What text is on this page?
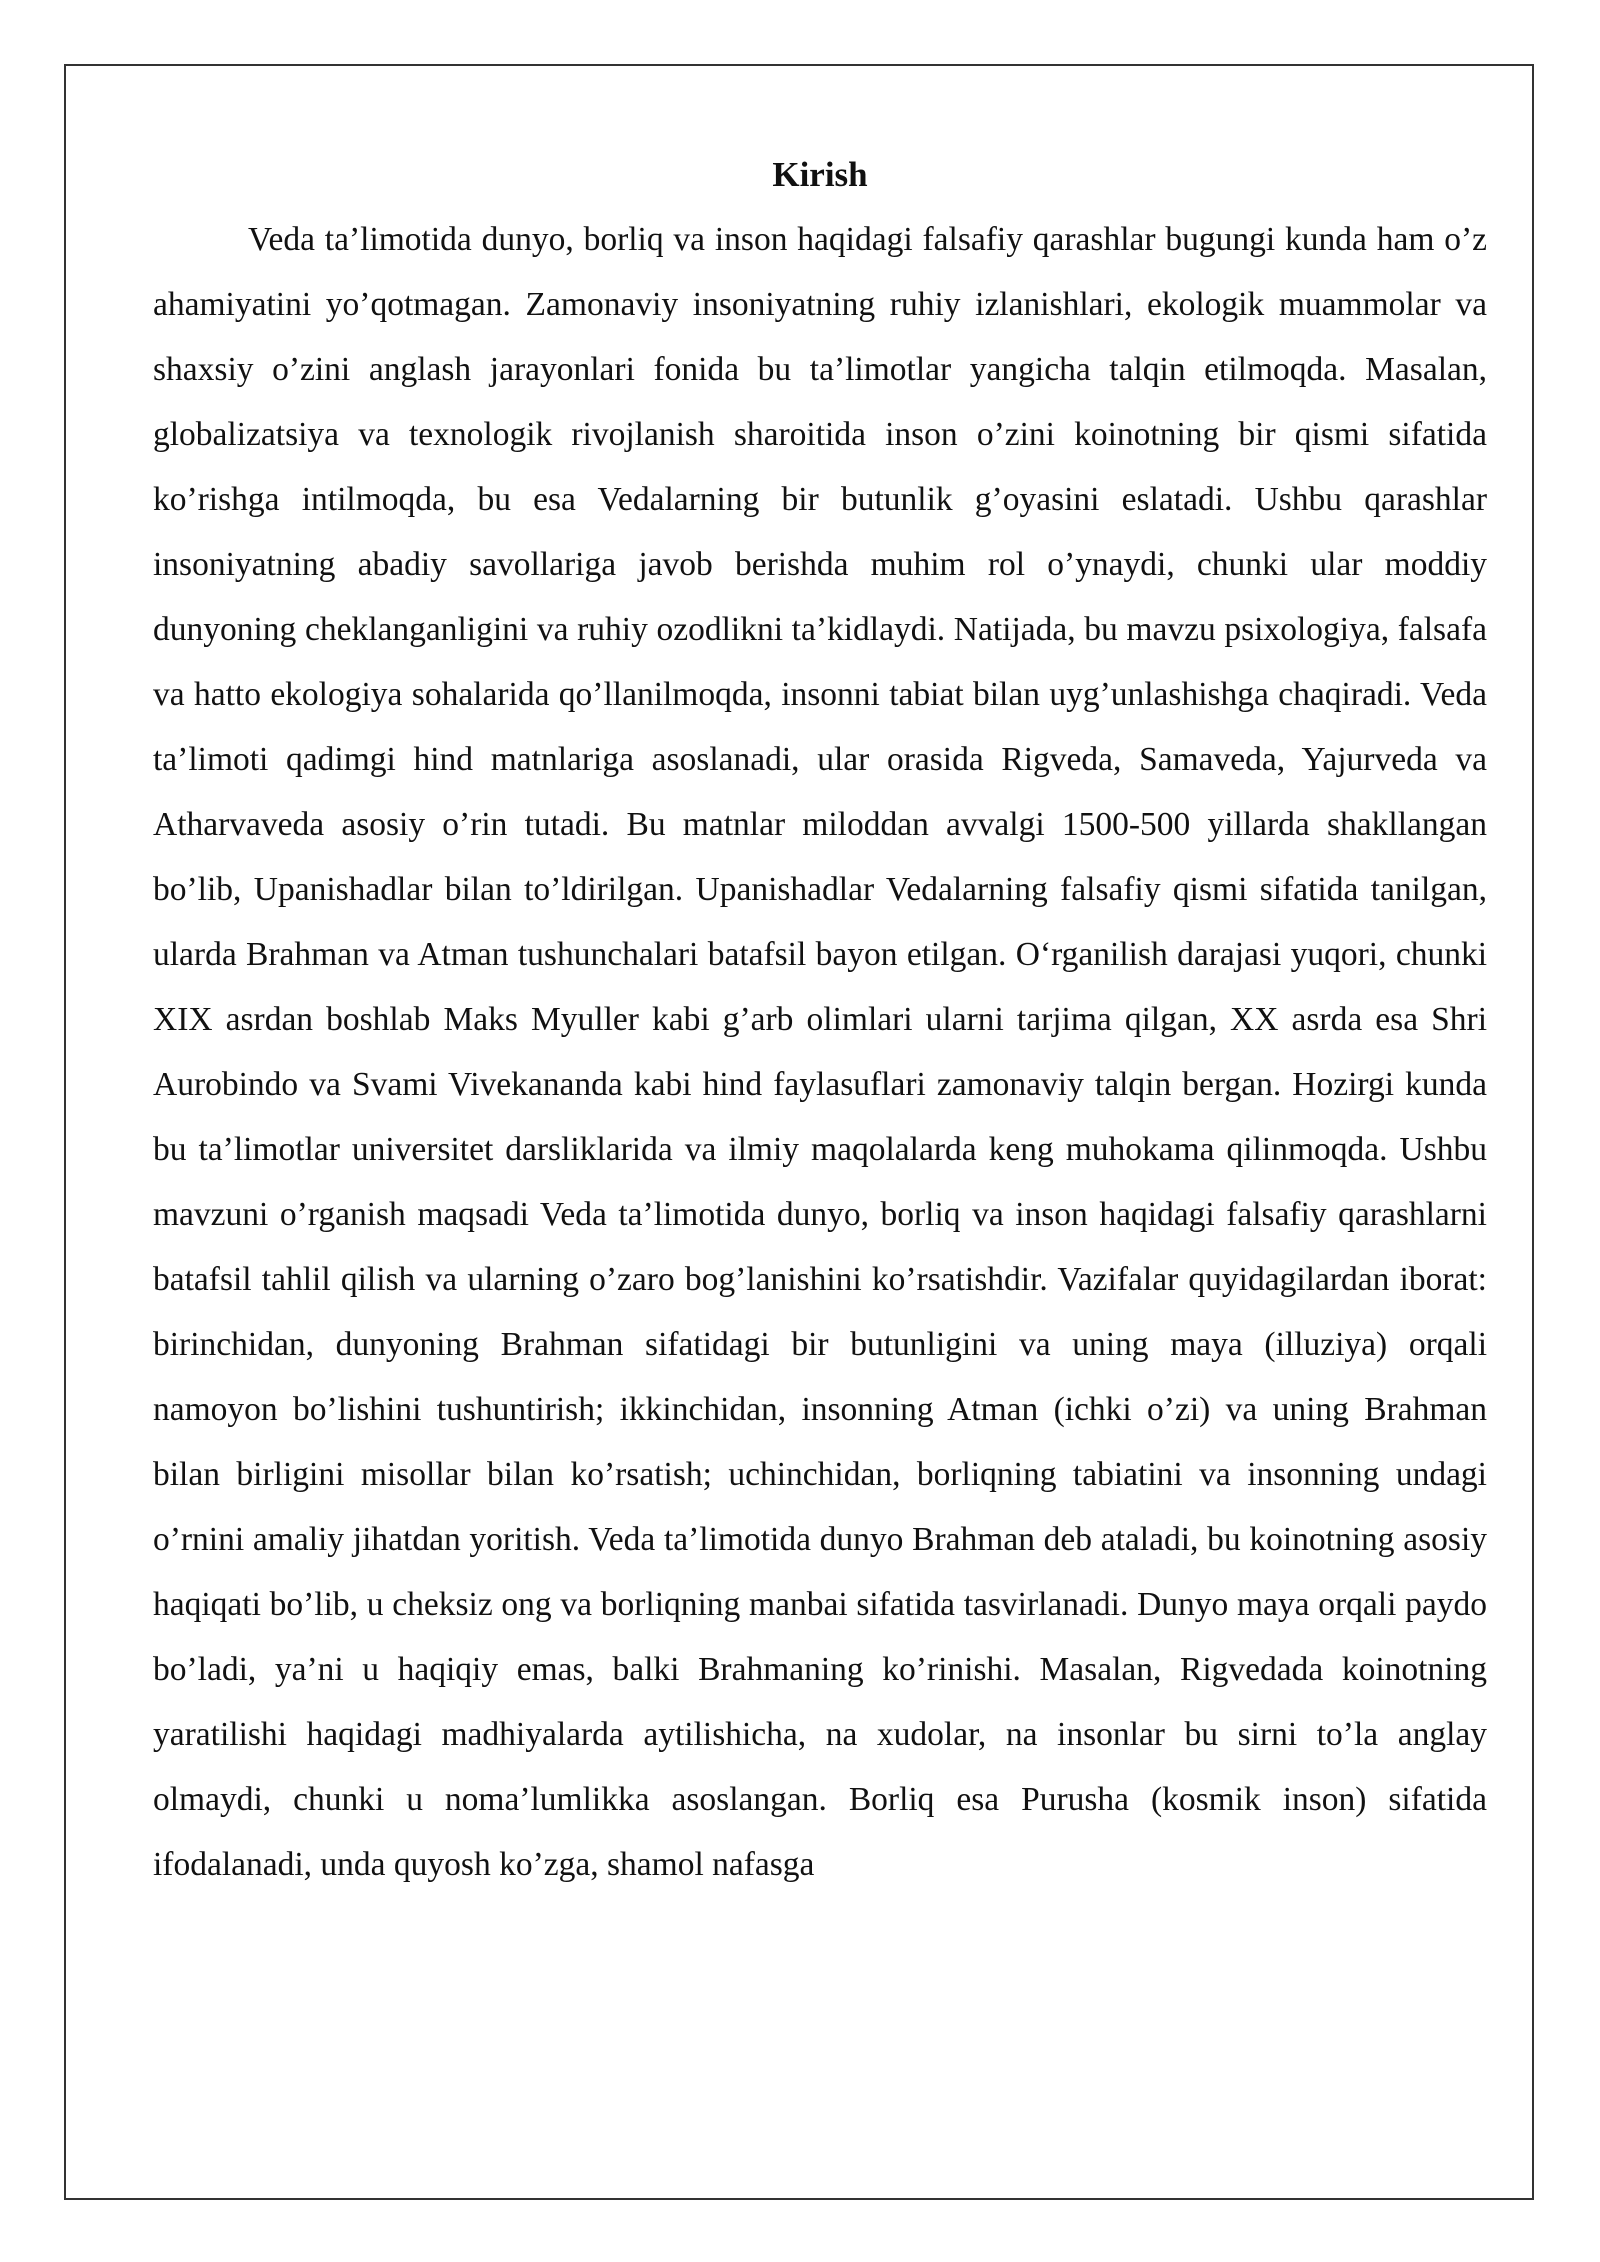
Kirish

Veda ta’limotida dunyo, borliq va inson haqidagi falsafiy qarashlar bugungi kunda ham o’z ahamiyatini yo’qotmagan. Zamonaviy insoniyatning ruhiy izlanishlari, ekologik muammolar va shaxsiy o’zini anglash jarayonlari fonida bu ta’limotlar yangicha talqin etilmoqda. Masalan, globalizatsiya va texnologik rivojlanish sharoitida inson o’zini koinotning bir qismi sifatida ko’rishga intilmoqda, bu esa Vedalarning bir butunlik g’oyasini eslatadi. Ushbu qarashlar insoniyatning abadiy savollariga javob berishda muhim rol o’ynaydi, chunki ular moddiy dunyoning cheklanganligini va ruhiy ozodlikni ta’kidlaydi. Natijada, bu mavzu psixologiya, falsafa va hatto ekologiya sohalarida qo’llanilmoqda, insonni tabiat bilan uyg’unlashishga chaqiradi. Veda ta’limoti qadimgi hind matnlariga asoslanadi, ular orasida Rigveda, Samaveda, Yajurveda va Atharvaveda asosiy o’rin tutadi. Bu matnlar miloddan avvalgi 1500-500 yillarda shakllangan bo’lib, Upanishadlar bilan to’ldirilgan. Upanishadlar Vedalarning falsafiy qismi sifatida tanilgan, ularda Brahman va Atman tushunchalari batafsil bayon etilgan. O‘rganilish darajasi yuqori, chunki XIX asrdan boshlab Maks Myuller kabi g’arb olimlari ularni tarjima qilgan, XX asrda esa Shri Aurobindo va Svami Vivekananda kabi hind faylasuflari zamonaviy talqin bergan. Hozirgi kunda bu ta’limotlar universitet darsliklarida va ilmiy maqolalarda keng muhokama qilinmoqda. Ushbu mavzuni o’rganish maqsadi Veda ta’limotida dunyo, borliq va inson haqidagi falsafiy qarashlarni batafsil tahlil qilish va ularning o’zaro bog’lanishini ko’rsatishdir. Vazifalar quyidagilardan iborat: birinchidan, dunyoning Brahman sifatidagi bir butunligini va uning maya (illuziya) orqali namoyon bo’lishini tushuntirish; ikkinchidan, insonning Atman (ichki o’zi) va uning Brahman bilan birligini misollar bilan ko’rsatish; uchinchidan, borliqning tabiatini va insonning undagi o’rnini amaliy jihatdan yoritish. Veda ta’limotida dunyo Brahman deb ataladi, bu koinotning asosiy haqiqati bo’lib, u cheksiz ong va borliqning manbai sifatida tasvirlanadi. Dunyo maya orqali paydo bo’ladi, ya’ni u haqiqiy emas, balki Brahmaning ko’rinishi. Masalan, Rigvedada koinotning yaratilishi haqidagi madhiyalarda aytilishicha, na xudolar, na insonlar bu sirni to’la anglay olmaydi, chunki u noma’lumlikka asoslangan. Borliq esa Purusha (kosmik inson) sifatida ifodalanadi, unda quyosh ko’zga, shamol nafasga
